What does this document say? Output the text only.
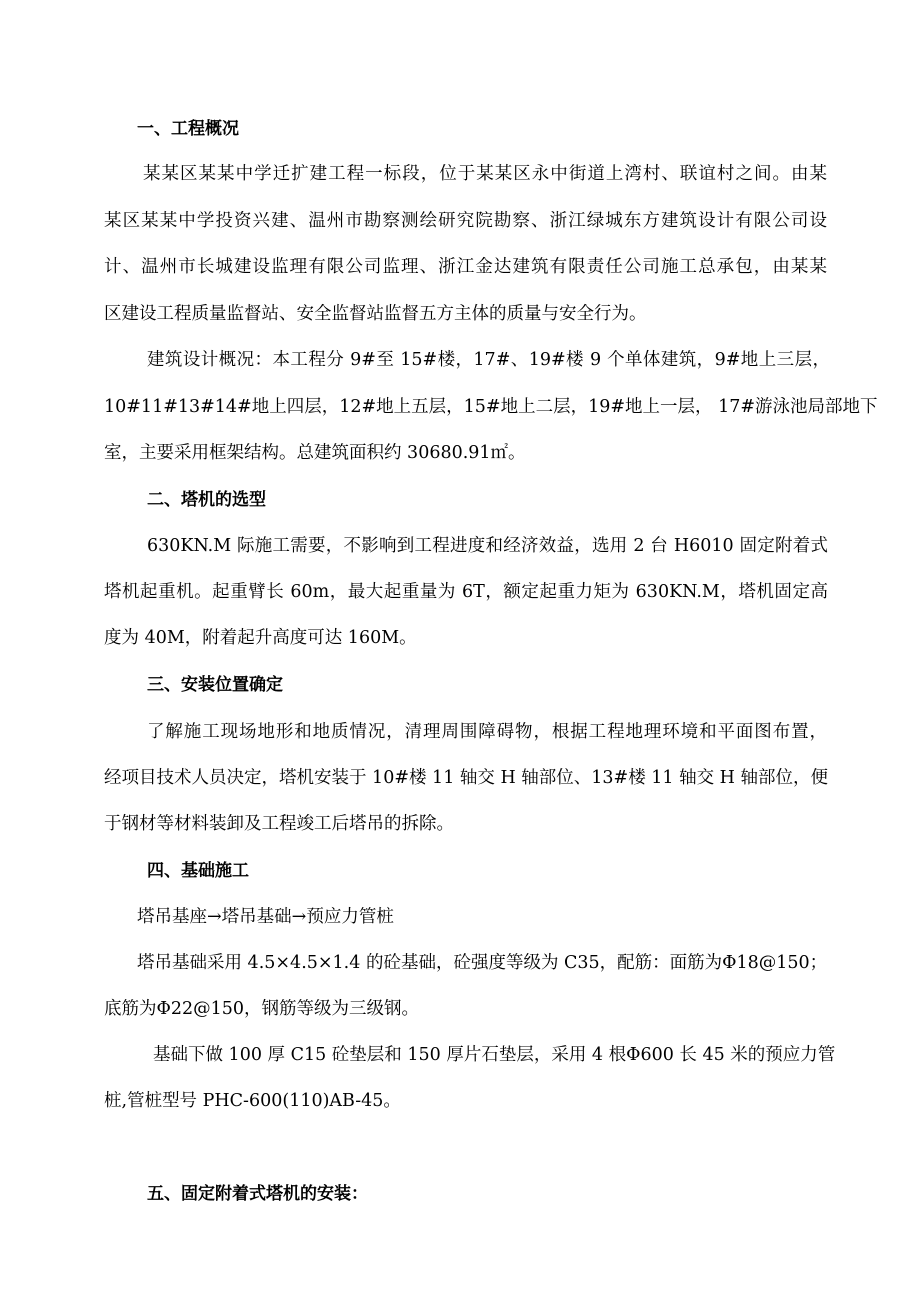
一、工程概况
某某区某某中学迁扩建工程一标段，位于某某区永中街道上湾村、联谊村之间。由某
某区某某中学投资兴建、温州市勘察测绘研究院勘察、浙江绿城东方建筑设计有限公司设
计、温州市长城建设监理有限公司监理、浙江金达建筑有限责任公司施工总承包，由某某
区建设工程质量监督站、安全监督站监督五方主体的质量与安全行为。
建筑设计概况：本工程分 9#至 15#楼，17#、19#楼 9 个单体建筑，9#地上三层，
10#11#13#14#地上四层，12#地上五层，15#地上二层，19#地上一层， 17#游泳池局部地下
室，主要采用框架结构。总建筑面积约 30680.91㎡。
二、塔机的选型
630KN.M 际施工需要，不影响到工程进度和经济效益，选用 2 台 H6010 固定附着式
塔机起重机。起重臂长 60m，最大起重量为 6T，额定起重力矩为 630KN.M，塔机固定高
度为 40M，附着起升高度可达 160M。
三、安装位置确定
了解施工现场地形和地质情况，清理周围障碍物，根据工程地理环境和平面图布置，
经项目技术人员决定，塔机安装于 10#楼 11 轴交 H 轴部位、13#楼 11 轴交 H 轴部位，便
于钢材等材料装卸及工程竣工后塔吊的拆除。
四、基础施工
塔吊基座→塔吊基础→预应力管桩
塔吊基础采用 4.5×4.5×1.4 的砼基础，砼强度等级为 C35，配筋：面筋为Φ18@150；
底筋为Φ22@150，钢筋等级为三级钢。
基础下做 100 厚 C15 砼垫层和 150 厚片石垫层，采用 4 根Φ600 长 45 米的预应力管
桩,管桩型号 PHC-600(110)AB-45。
五、固定附着式塔机的安装：
